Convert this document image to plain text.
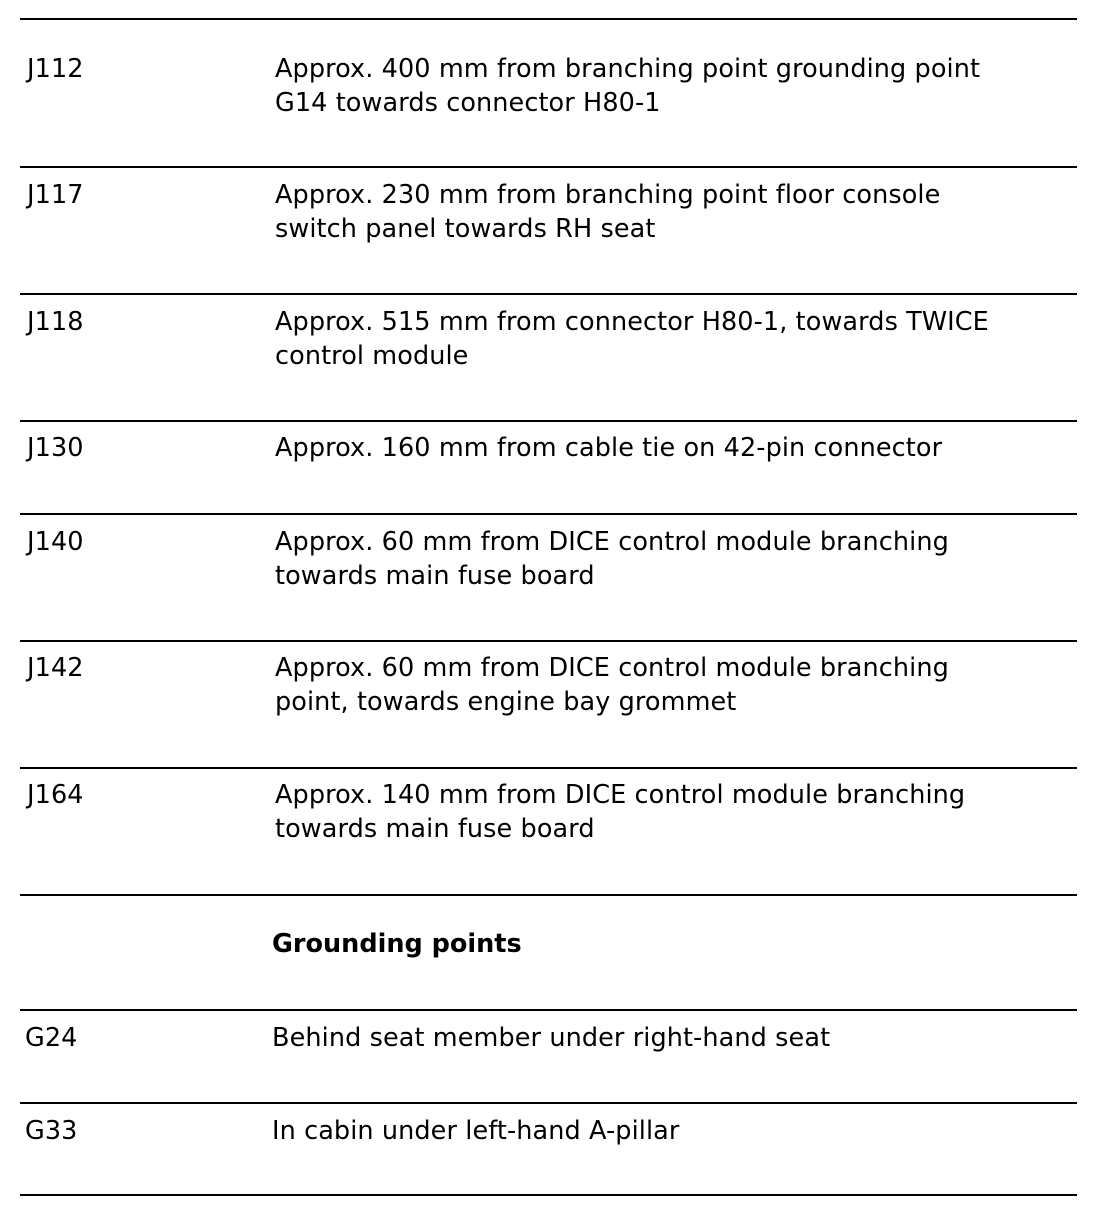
J112	Approx. 400 mm from branching point grounding point
G14 towards connector H80-1
J117	Approx. 230 mm from branching point floor console
switch panel towards RH seat
J118	Approx. 515 mm from connector H80-1, towards TWICE
control module
J130	Approx. 160 mm from cable tie on 42-pin connector
J140	Approx. 60 mm from DICE control module branching
towards main fuse board
J142	Approx. 60 mm from DICE control module branching
point, towards engine bay grommet
J164	Approx. 140 mm from DICE control module branching
towards main fuse board
Grounding points
G24	Behind seat member under right-hand seat
G33	In cabin under left-hand A-pillar
